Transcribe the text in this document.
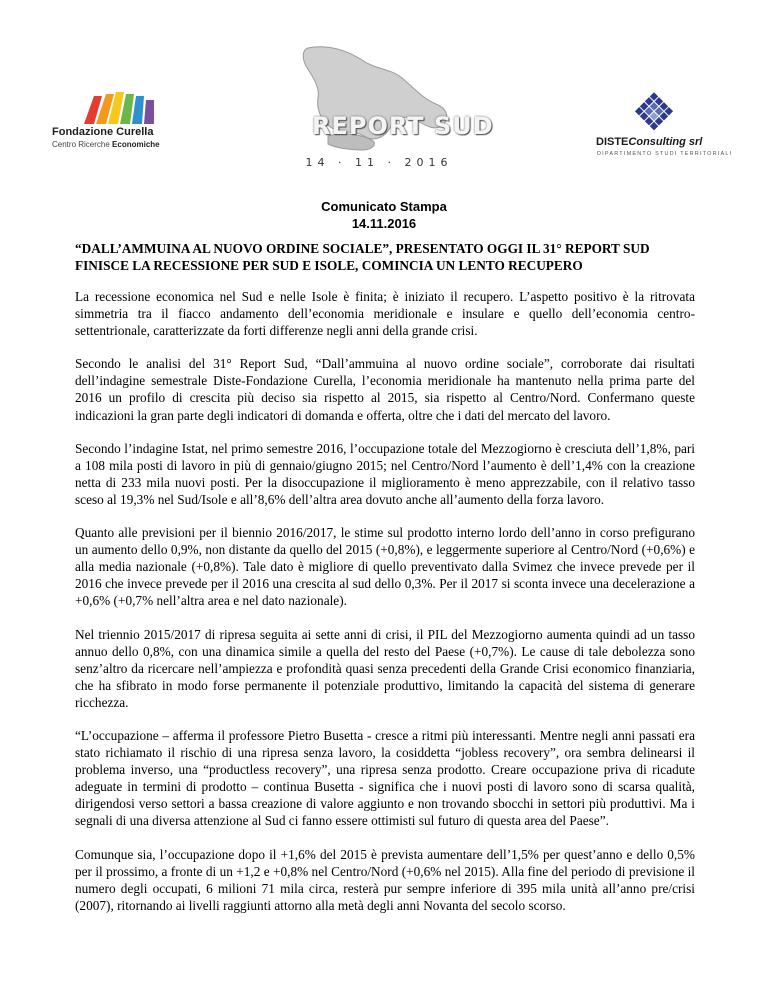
Fondazione Curella
Centro Ricerche Economiche
REPORT SUD
14 · 11 · 2016
DISTEConsulting srl
DIPARTIMENTO STUDI TERRITORIALI
Comunicato Stampa
14.11.2016
“DALL’AMMUINA AL NUOVO ORDINE SOCIALE”, PRESENTATO OGGI IL 31° REPORT SUD
FINISCE LA RECESSIONE PER SUD E ISOLE, COMINCIA UN LENTO RECUPERO

La recessione economica nel Sud e nelle Isole è finita; è iniziato il recupero. L’aspetto positivo è la ritrovata simmetria tra il fiacco andamento dell’economia meridionale e insulare e quello dell’economia centro-settentrionale, caratterizzate da forti differenze negli anni della grande crisi.

Secondo le analisi del 31° Report Sud, “Dall’ammuina al nuovo ordine sociale”, corroborate dai risultati dell’indagine semestrale Diste-Fondazione Curella, l’economia meridionale ha mantenuto nella prima parte del 2016 un profilo di crescita più deciso sia rispetto al 2015, sia rispetto al Centro/Nord. Confermano queste indicazioni la gran parte degli indicatori di domanda e offerta, oltre che i dati del mercato del lavoro.

Secondo l’indagine Istat, nel primo semestre 2016, l’occupazione totale del Mezzogiorno è cresciuta dell’1,8%, pari a 108 mila posti di lavoro in più di gennaio/giugno 2015; nel Centro/Nord l’aumento è dell’1,4% con la creazione netta di 233 mila nuovi posti. Per la disoccupazione il miglioramento è meno apprezzabile, con il relativo tasso sceso al 19,3% nel Sud/Isole e all’8,6% dell’altra area dovuto anche all’aumento della forza lavoro.

Quanto alle previsioni per il biennio 2016/2017, le stime sul prodotto interno lordo dell’anno in corso prefigurano un aumento dello 0,9%, non distante da quello del 2015 (+0,8%), e leggermente superiore al Centro/Nord (+0,6%) e alla media nazionale (+0,8%). Tale dato è migliore di quello preventivato dalla Svimez che invece prevede per il 2016 che invece prevede per il 2016 una crescita al sud dello 0,3%. Per il 2017 si sconta invece una decelerazione a +0,6% (+0,7% nell’altra area e nel dato nazionale).

Nel triennio 2015/2017 di ripresa seguita ai sette anni di crisi, il PIL del Mezzogiorno aumenta quindi ad un tasso annuo dello 0,8%, con una dinamica simile a quella del resto del Paese (+0,7%). Le cause di tale debolezza sono senz’altro da ricercare nell’ampiezza e profondità quasi senza precedenti della Grande Crisi economico finanziaria, che ha sfibrato in modo forse permanente il potenziale produttivo, limitando la capacità del sistema di generare ricchezza.

“L’occupazione – afferma il professore Pietro Busetta - cresce a ritmi più interessanti. Mentre negli anni passati era stato richiamato il rischio di una ripresa senza lavoro, la cosiddetta “jobless recovery”, ora sembra delinearsi il problema inverso, una “productless recovery”, una ripresa senza prodotto. Creare occupazione priva di ricadute adeguate in termini di prodotto – continua Busetta - significa che i nuovi posti di lavoro sono di scarsa qualità, dirigendosi verso settori a bassa creazione di valore aggiunto e non trovando sbocchi in settori più produttivi. Ma i segnali di una diversa attenzione al Sud ci fanno essere ottimisti sul futuro di questa area del Paese”.

Comunque sia, l’occupazione dopo il +1,6% del 2015 è prevista aumentare dell’1,5% per quest’anno e dello 0,5% per il prossimo, a fronte di un +1,2 e +0,8% nel Centro/Nord (+0,6% nel 2015). Alla fine del periodo di previsione il numero degli occupati, 6 milioni 71 mila circa, resterà pur sempre inferiore di 395 mila unità all’anno pre/crisi (2007), ritornando ai livelli raggiunti attorno alla metà degli anni Novanta del secolo scorso.
